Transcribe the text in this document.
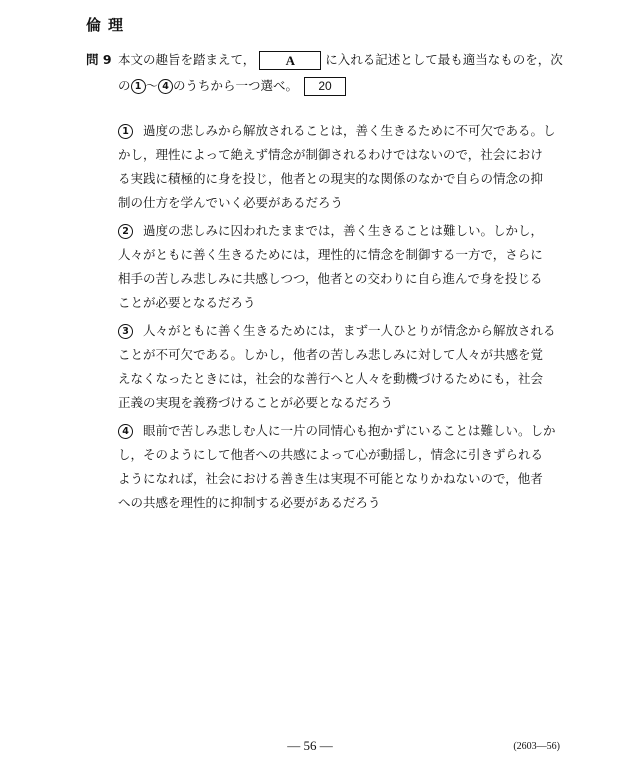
倫理
問 9 本文の趣旨を踏まえて，	A	に入れる記述として最も適当なものを，次
の 1 ～ 4 のうちから一つ選べ。	20
1 過度の悲しみから解放されることは，善く生きるために不可欠である。し
かし，理性によって絶えず情念が制御されるわけではないので，社会におけ
る実践に積極的に身を投じ，他者との現実的な関係のなかで自らの情念の抑
制の仕方を学んでいく必要があるだろう
2 過度の悲しみに囚われたままでは，善く生きることは難しい。しかし，
人々がともに善く生きるためには，理性的に情念を制御する一方で，さらに
相手の苦しみ悲しみに共感しつつ，他者との交わりに自ら進んで身を投じる
ことが必要となるだろう
3 人々がともに善く生きるためには，まず一人ひとりが情念から解放される
ことが不可欠である。しかし，他者の苦しみ悲しみに対して人々が共感を覚
えなくなったときには，社会的な善行へと人々を動機づけるためにも，社会
正義の実現を義務づけることが必要となるだろう
4 眼前で苦しみ悲しむ人に一片の同情心も抱かずにいることは難しい。しか
し，そのようにして他者への共感によって心が動揺し，情念に引きずられる
ようになれば，社会における善き生は実現不可能となりかねないので，他者
への共感を理性的に抑制する必要があるだろう
― 56 ―	(2603―56)
